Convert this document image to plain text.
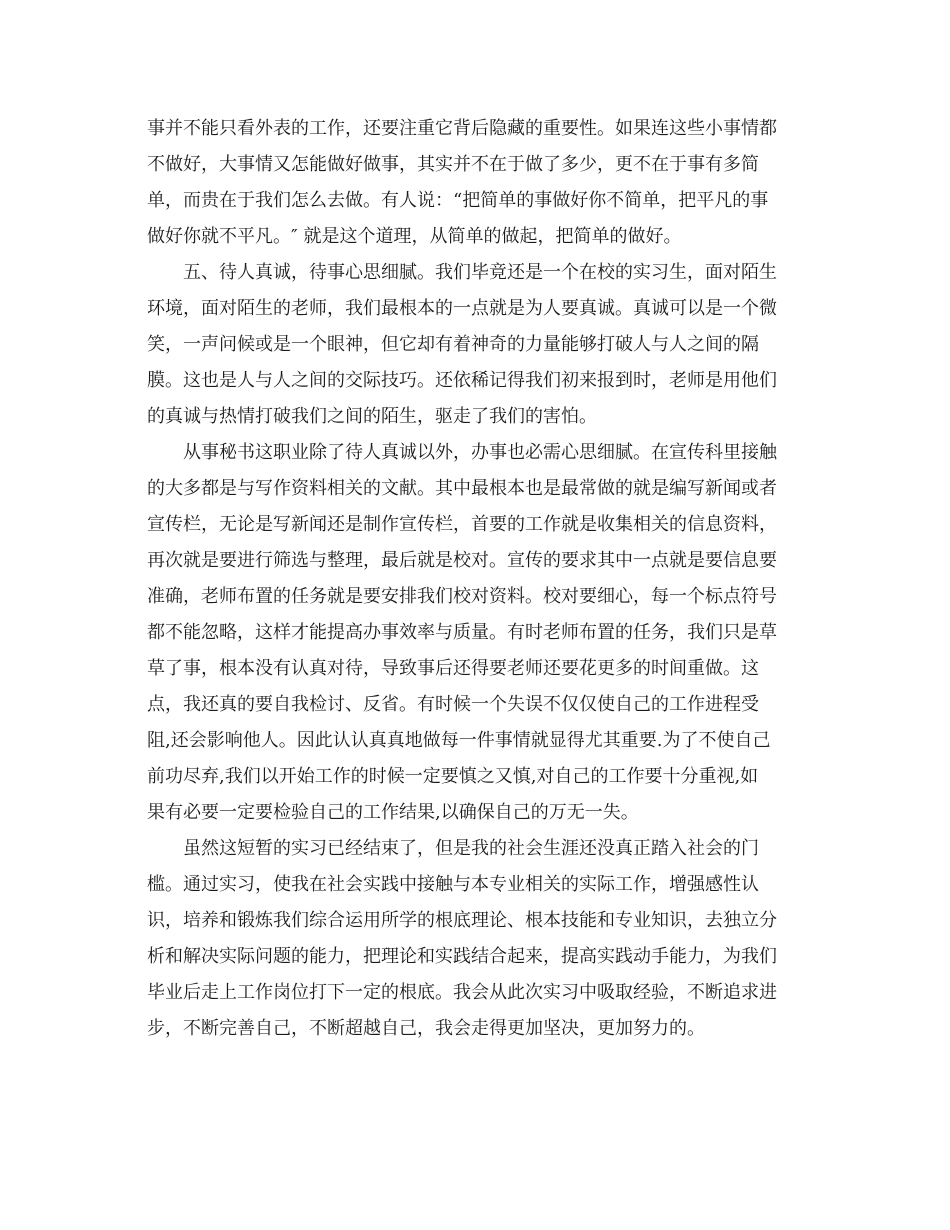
事并不能只看外表的工作，还要注重它背后隐藏的重要性。如果连这些小事情都
不做好，大事情又怎能做好做事，其实并不在于做了多少，更不在于事有多简
单，而贵在于我们怎么去做。有人说：“把简单的事做好你不简单，把平凡的事
做好你就不平凡。″ 就是这个道理，从简单的做起，把简单的做好。
五、待人真诚，待事心思细腻。我们毕竟还是一个在校的实习生，面对陌生
环境，面对陌生的老师，我们最根本的一点就是为人要真诚。真诚可以是一个微
笑，一声问候或是一个眼神，但它却有着神奇的力量能够打破人与人之间的隔
膜。这也是人与人之间的交际技巧。还依稀记得我们初来报到时，老师是用他们
的真诚与热情打破我们之间的陌生，驱走了我们的害怕。
从事秘书这职业除了待人真诚以外，办事也必需心思细腻。在宣传科里接触
的大多都是与写作资料相关的文献。其中最根本也是最常做的就是编写新闻或者
宣传栏，无论是写新闻还是制作宣传栏，首要的工作就是收集相关的信息资料，
再次就是要进行筛选与整理，最后就是校对。宣传的要求其中一点就是要信息要
准确，老师布置的任务就是要安排我们校对资料。校对要细心，每一个标点符号
都不能忽略，这样才能提高办事效率与质量。有时老师布置的任务，我们只是草
草了事，根本没有认真对待，导致事后还得要老师还要花更多的时间重做。这
点，我还真的要自我检讨、反省。有时候一个失误不仅仅使自己的工作进程受
阻,还会影响他人。因此认认真真地做每一件事情就显得尤其重要.为了不使自己
前功尽弃,我们以开始工作的时候一定要慎之又慎,对自己的工作要十分重视,如
果有必要一定要检验自己的工作结果,以确保自己的万无一失。
虽然这短暂的实习已经结束了，但是我的社会生涯还没真正踏入社会的门
槛。通过实习，使我在社会实践中接触与本专业相关的实际工作，增强感性认
识，培养和锻炼我们综合运用所学的根底理论、根本技能和专业知识，去独立分
析和解决实际问题的能力，把理论和实践结合起来，提高实践动手能力，为我们
毕业后走上工作岗位打下一定的根底。我会从此次实习中吸取经验，不断追求进
步，不断完善自己，不断超越自己，我会走得更加坚决，更加努力的。
